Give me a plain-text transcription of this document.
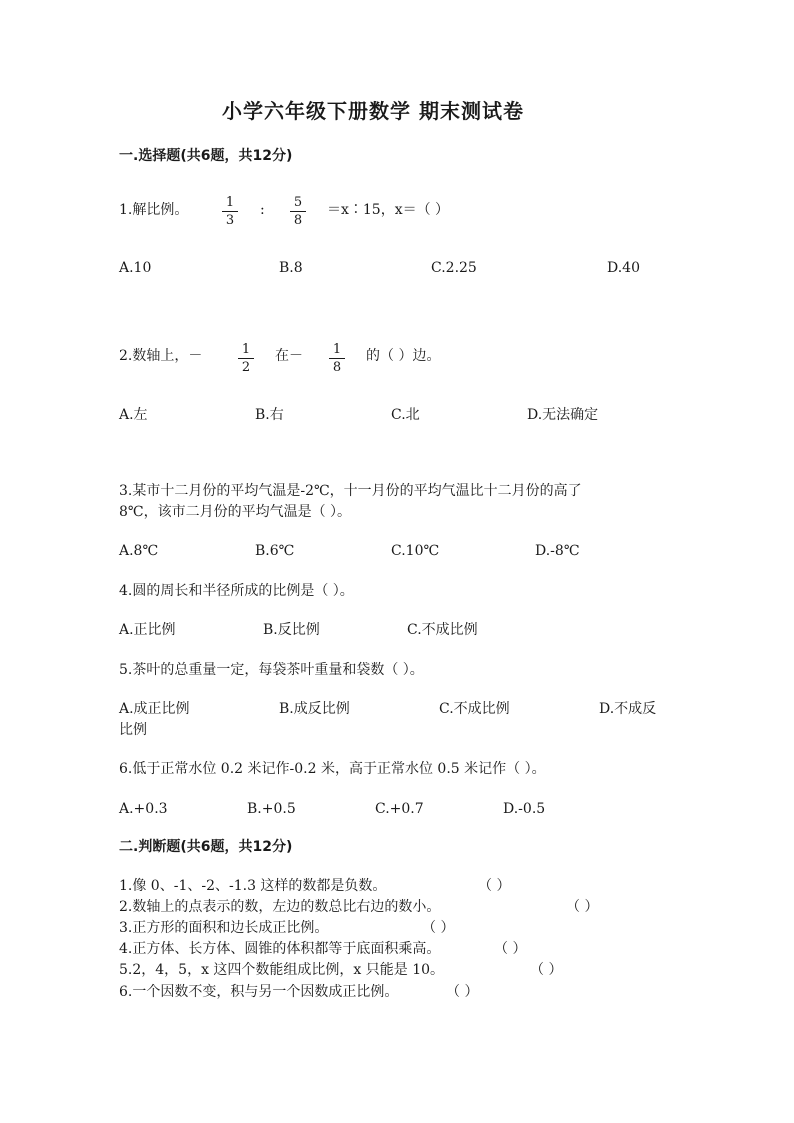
小学六年级下册数学 期末测试卷
一.选择题(共6题，共12分)
1.解比例。	1
3
: 5
8
＝x∶15，x＝（ ）
A.10	B.8	C.2.25	D.40
2.数轴上，－	1
2
在－ 1
8
的（ ）边。
A.左	B.右	C.北	D.无法确定
3.某市十二月份的平均气温是-2℃，十一月份的平均气温比十二月份的高了
8℃，该市二月份的平均气温是（ ）。
A.8℃	B.6℃	C.10℃	D.-8℃
4.圆的周长和半径所成的比例是（ ）。
A.正比例	B.反比例	C.不成比例
5.茶叶的总重量一定，每袋茶叶重量和袋数（ ）。
A.成正比例	B.成反比例	C.不成比例	D.不成反
比例
6.低于正常水位 0.2 米记作-0.2 米，高于正常水位 0.5 米记作（ ）。
A.+0.3	B.+0.5	C.+0.7	D.-0.5
二.判断题(共6题，共12分)
1.像 0、-1、-2、-1.3 这样的数都是负数。	（ ）
2.数轴上的点表示的数，左边的数总比右边的数小。	（ ）
3.正方形的面积和边长成正比例。	（ ）
4.正方体、长方体、圆锥的体积都等于底面积乘高。	（ ）
5.2，4，5，x 这四个数能组成比例，x 只能是 10。	（ ）
6.一个因数不变，积与另一个因数成正比例。	（ ）
